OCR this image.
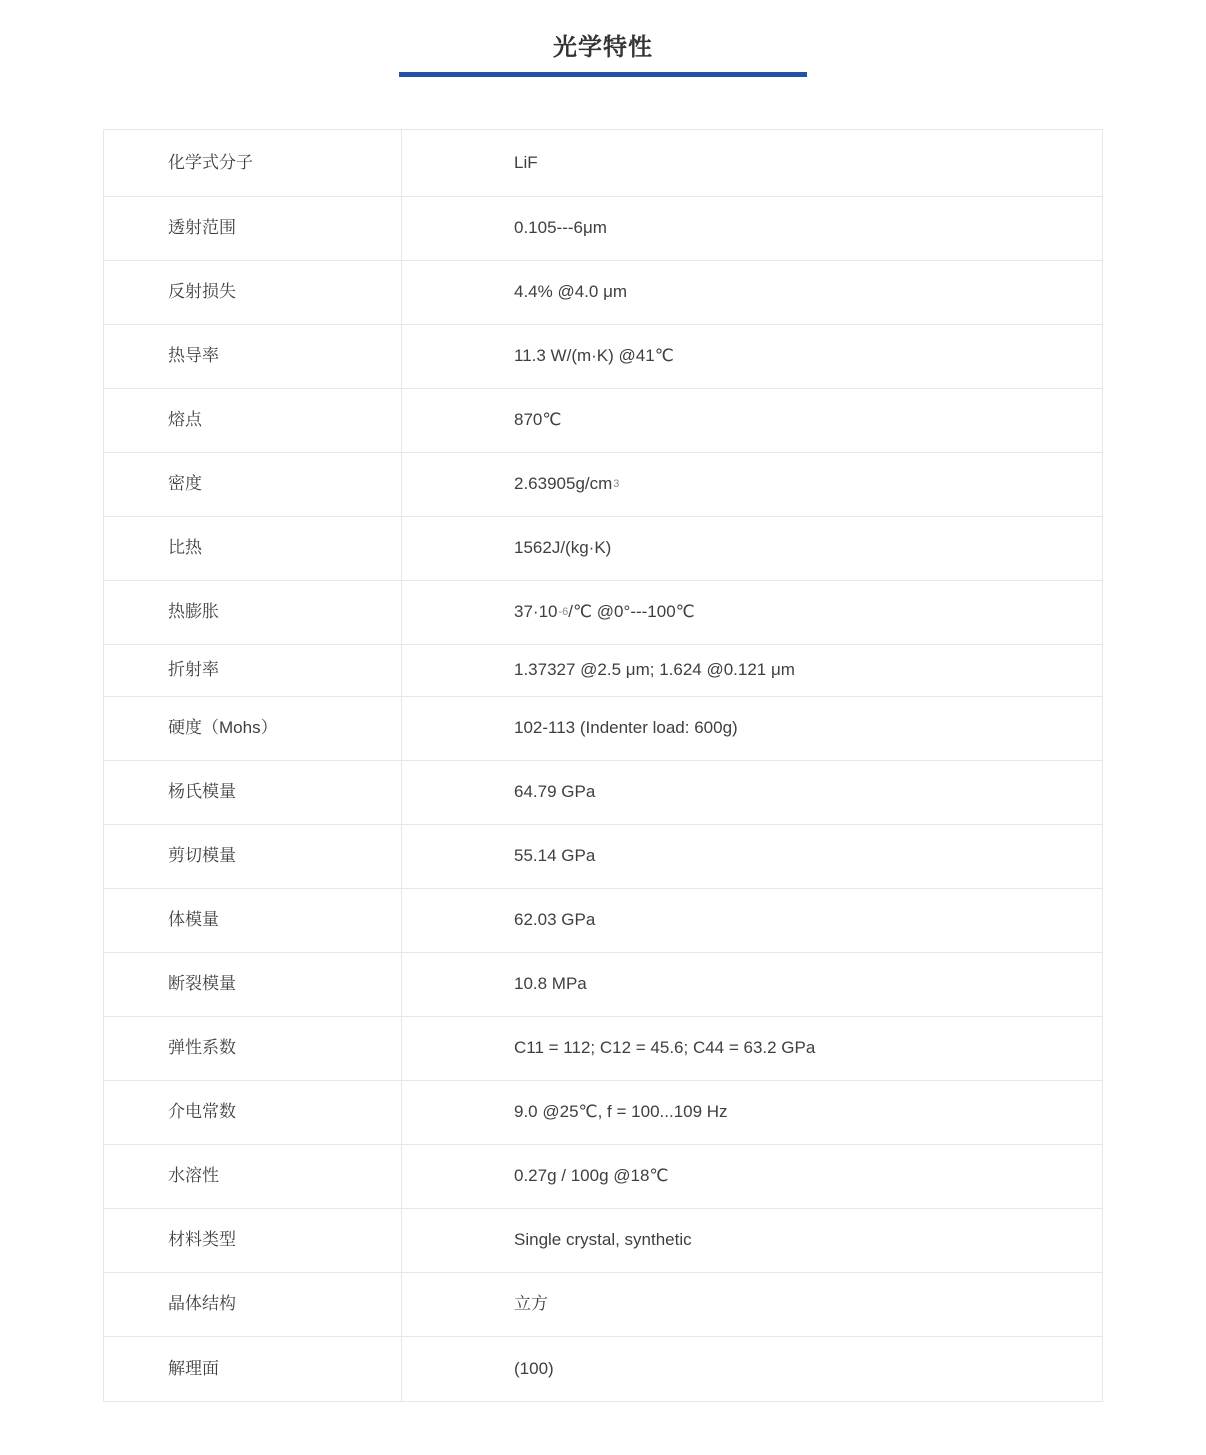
光学特性
化学式分子	LiF
透射范围	0.105---6μm
反射损失	4.4% @4.0 μm
热导率	11.3 W/(m·K) @41℃
熔点	870℃
密度	$2.63905g/cm^3$
比热	1562J/(kg·K)
热膨胀	$37\cdot 10^{-6}$ /℃ @0°---100℃
折射率	1.37327 @2.5 μm; 1.624 @0.121 μm
硬度（Mohs）	102-113 (Indenter load: 600g)
杨氏模量	64.79 GPa
剪切模量	55.14 GPa
体模量	62.03 GPa
断裂模量	10.8 MPa
弹性系数	C11 = 112; C12 = 45.6; C44 = 63.2 GPa
介电常数	9.0 @25℃, f = 100...109 Hz
水溶性	0.27g / 100g @18℃
材料类型	Single crystal, synthetic
晶体结构	立方
解理面	(100)
